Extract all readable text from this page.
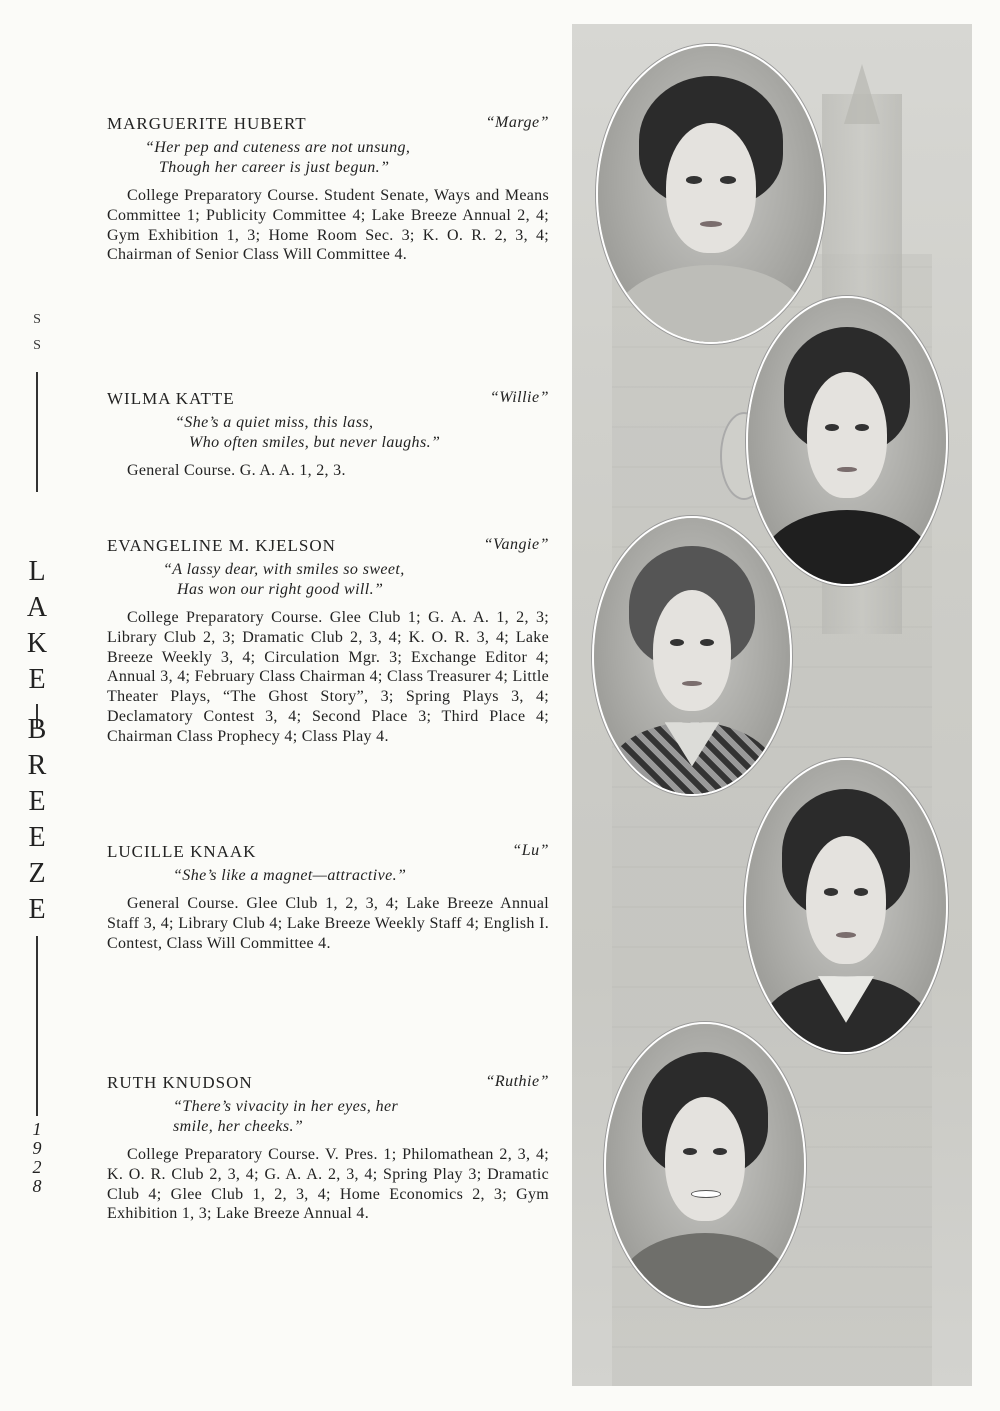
S
S
L
A
K
E
B
R
E
E
Z
E
1
9
2
8
MARGUERITE HUBERT	“Marge”
“Her pep and cuteness are not unsung,
Though her career is just begun.”
College Preparatory Course. Student Senate, Ways and Means Committee 1; Publicity Committee 4; Lake Breeze Annual 2, 4; Gym Exhibition 1, 3; Home Room Sec. 3; K. O. R. 2, 3, 4; Chairman of Senior Class Will Committee 4.
WILMA KATTE	“Willie”
“She’s a quiet miss, this lass,
Who often smiles, but never laughs.”
General Course. G. A. A. 1, 2, 3.
EVANGELINE M. KJELSON	“Vangie”
“A lassy dear, with smiles so sweet,
Has won our right good will.”
College Preparatory Course. Glee Club 1; G. A. A. 1, 2, 3; Library Club 2, 3; Dramatic Club 2, 3, 4; K. O. R. 3, 4; Lake Breeze Weekly 3, 4; Circulation Mgr. 3; Exchange Editor 4; Annual 3, 4; February Class Chairman 4; Class Treasurer 4; Little Theater Plays, “The Ghost Story”, 3; Spring Plays 3, 4; Declamatory Contest 3, 4; Second Place 3; Third Place 4; Chairman Class Prophecy 4; Class Play 4.
LUCILLE KNAAK	“Lu”
“She’s like a magnet—attractive.”
General Course. Glee Club 1, 2, 3, 4; Lake Breeze Annual Staff 3, 4; Library Club 4; Lake Breeze Weekly Staff 4; English I. Contest, Class Will Committee 4.
RUTH KNUDSON	“Ruthie”
“There’s vivacity in her eyes, her
smile, her cheeks.”
College Preparatory Course. V. Pres. 1; Philomathean 2, 3, 4; K. O. R. Club 2, 3, 4; G. A. A. 2, 3, 4; Spring Play 3; Dramatic Club 4; Glee Club 1, 2, 3, 4; Home Economics 2, 3; Gym Exhibition 1, 3; Lake Breeze Annual 4.
